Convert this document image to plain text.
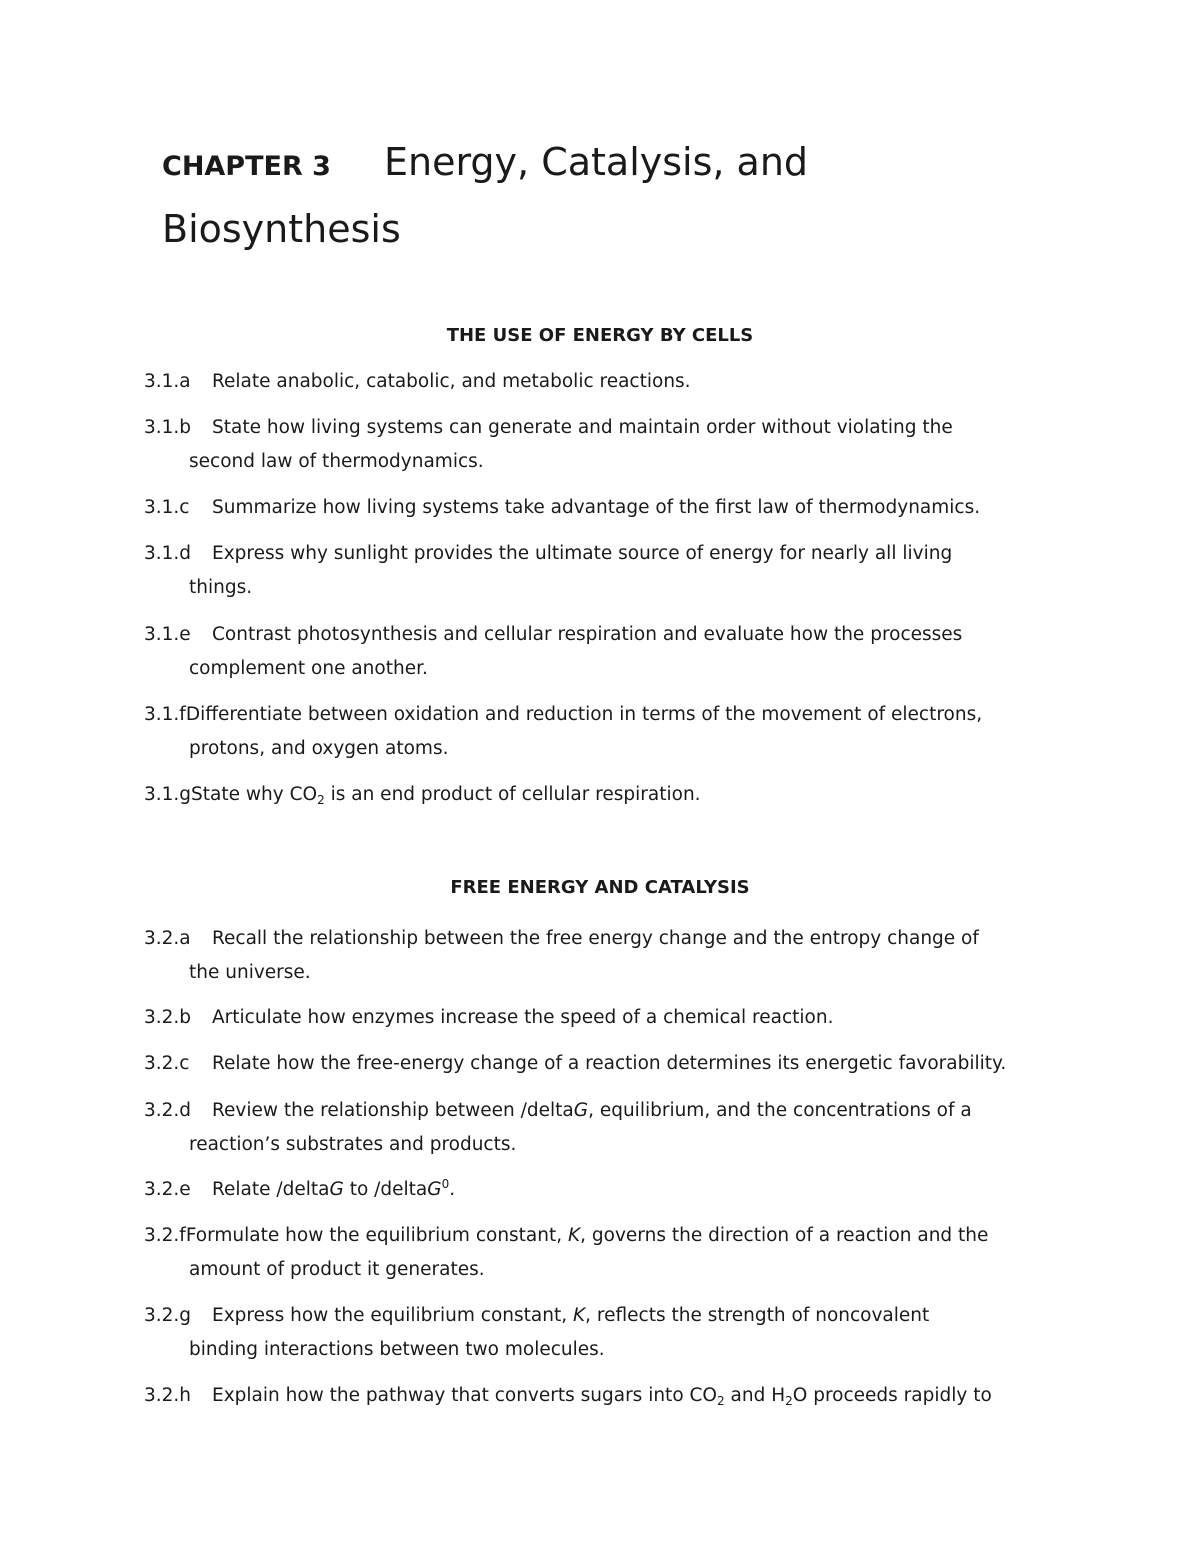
CHAPTER 3 Energy, Catalysis, and
Biosynthesis
THE USE OF ENERGY BY CELLS
3.1.a Relate anabolic, catabolic, and metabolic reactions.
3.1.b State how living systems can generate and maintain order without violating the
second law of thermodynamics.
3.1.c Summarize how living systems take advantage of the first law of thermodynamics.
3.1.d Express why sunlight provides the ultimate source of energy for nearly all living
things.
3.1.e Contrast photosynthesis and cellular respiration and evaluate how the processes
complement one another.
3.1.fDifferentiate between oxidation and reduction in terms of the movement of electrons,
protons, and oxygen atoms.
3.1.gState why $CO_2$ is an end product of cellular respiration.
FREE ENERGY AND CATALYSIS
3.2.a Recall the relationship between the free energy change and the entropy change of
the universe.
3.2.b Articulate how enzymes increase the speed of a chemical reaction.
3.2.c Relate how the free-energy change of a reaction determines its energetic favorability.
3.2.d Review the relationship between /deltaG, equilibrium, and the concentrations of a
reaction’s substrates and products.
3.2.e Relate /deltaG to /deltaG$^0$.
3.2.fFormulate how the equilibrium constant, K, governs the direction of a reaction and the
amount of product it generates.
3.2.g Express how the equilibrium constant, K, reflects the strength of noncovalent
binding interactions between two molecules.
3.2.h Explain how the pathway that converts sugars into $CO_2$ and $H_2O$ proceeds rapidly to
